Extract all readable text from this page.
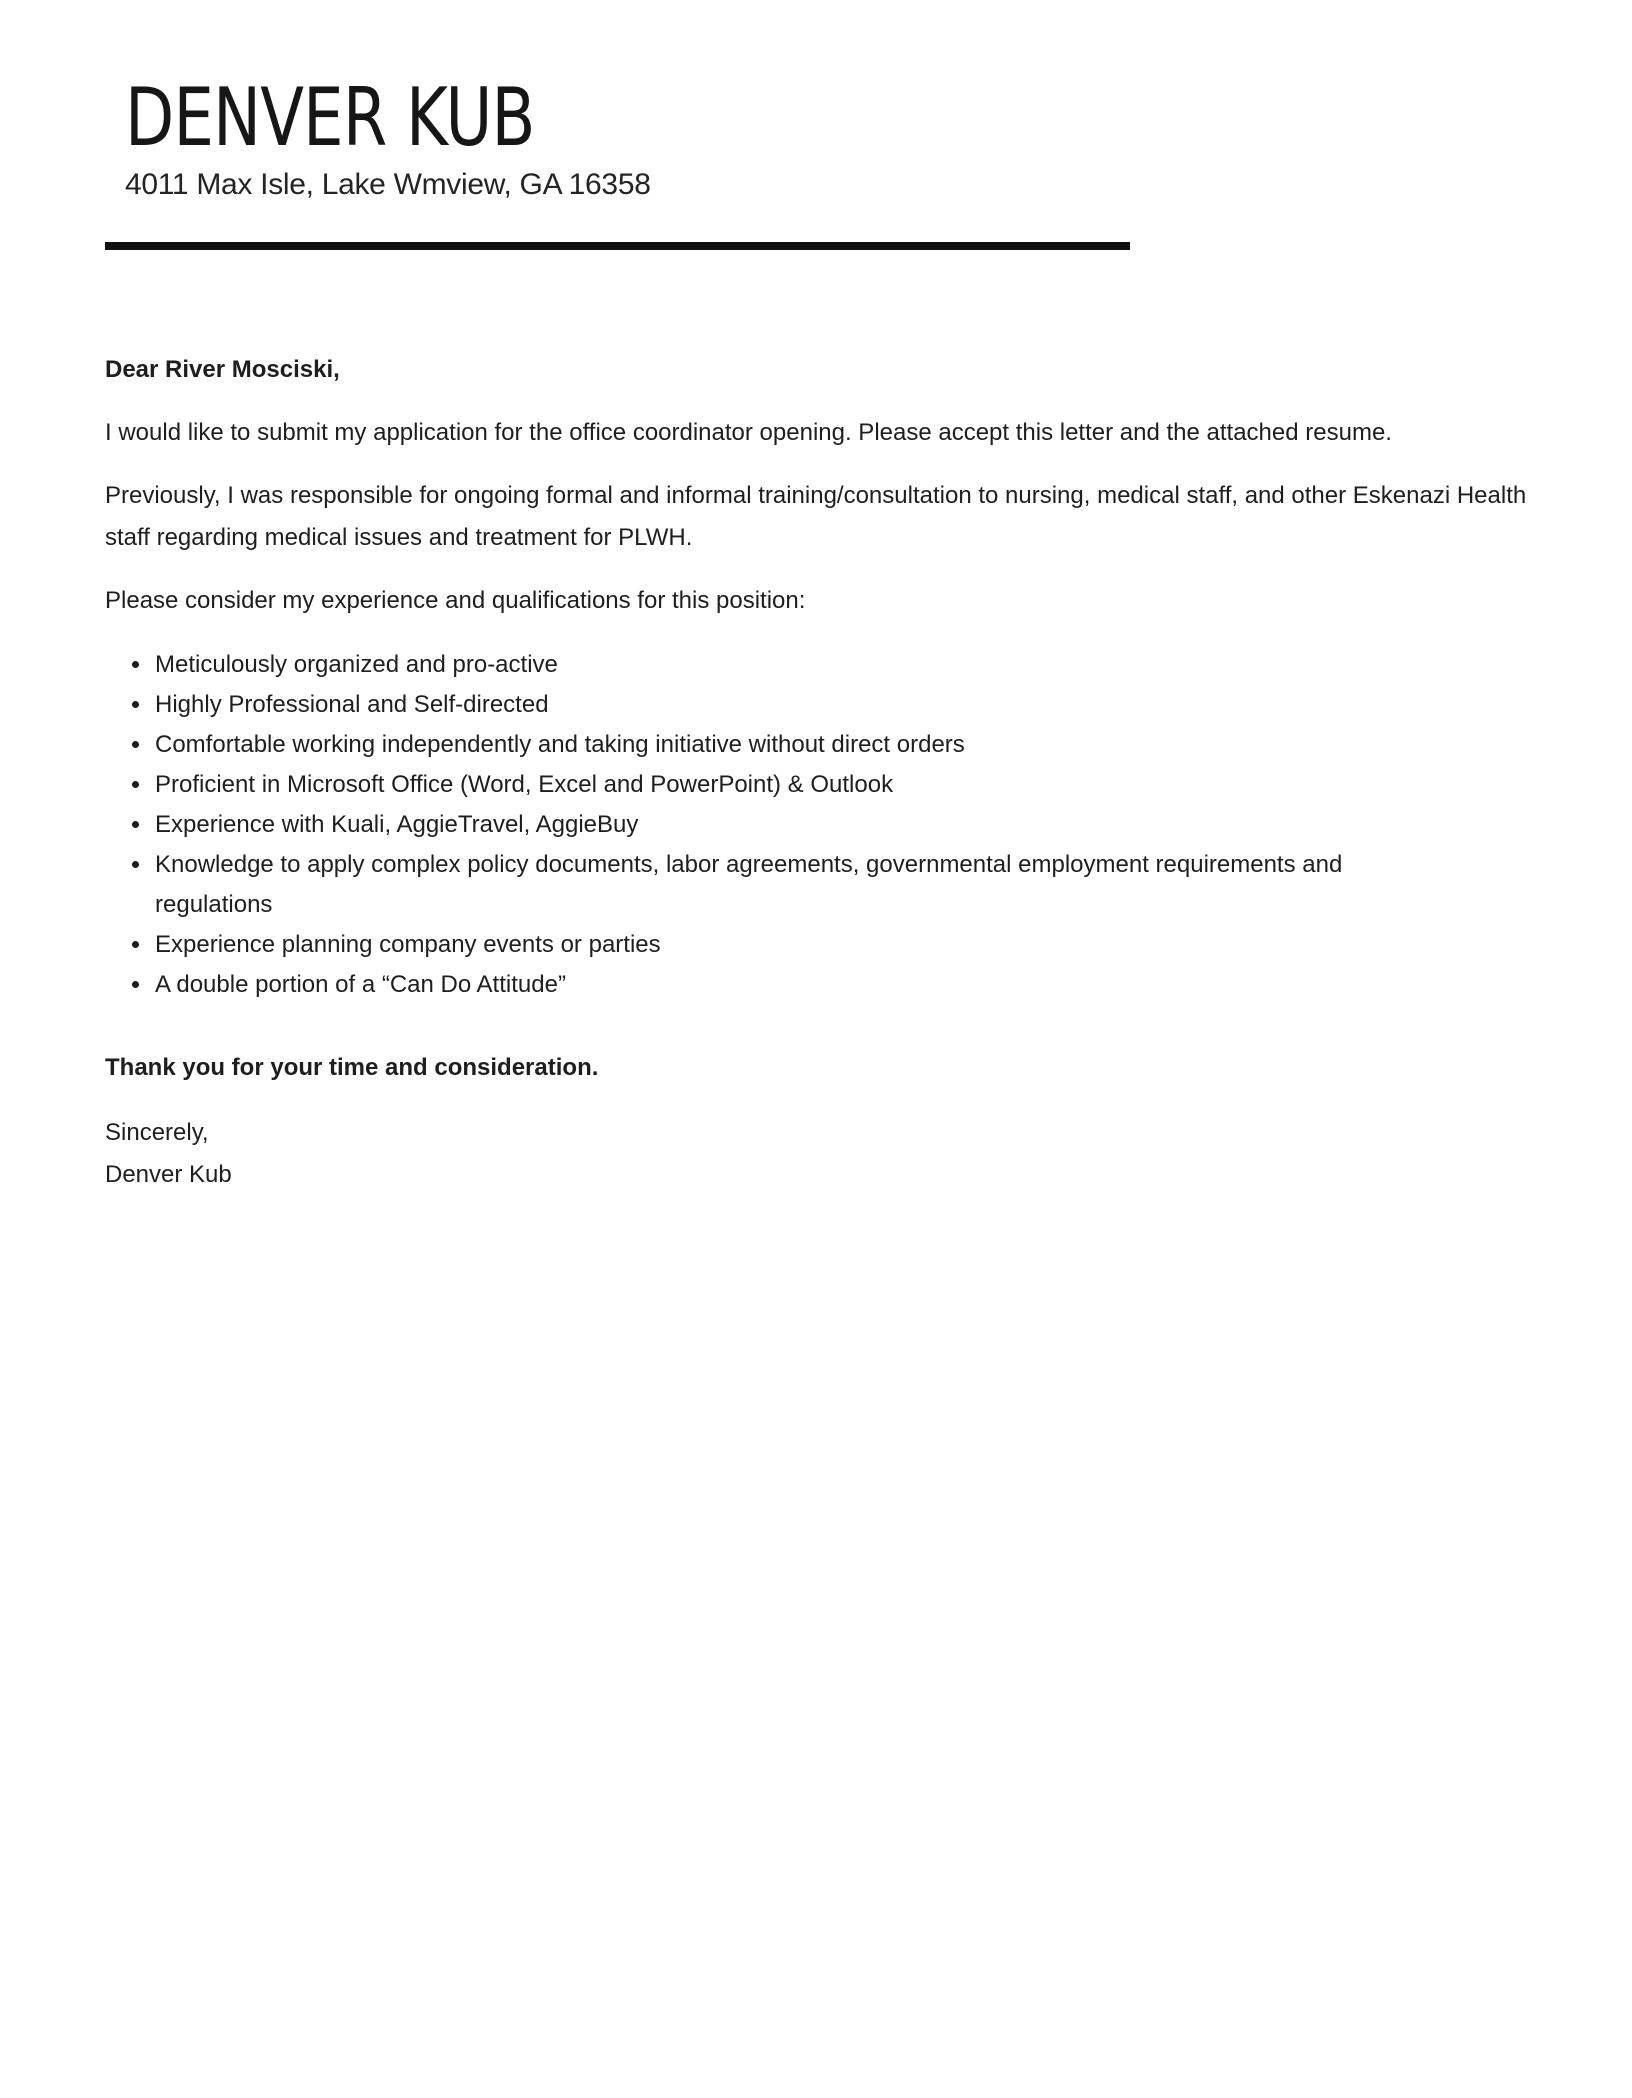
DENVER KUB
4011 Max Isle, Lake Wmview, GA 16358

Dear River Mosciski,

I would like to submit my application for the office coordinator opening. Please accept this letter and the attached resume.

Previously, I was responsible for ongoing formal and informal training/consultation to nursing, medical staff, and other Eskenazi Health staff regarding medical issues and treatment for PLWH.

Please consider my experience and qualifications for this position:

• Meticulously organized and pro-active
• Highly Professional and Self-directed
• Comfortable working independently and taking initiative without direct orders
• Proficient in Microsoft Office (Word, Excel and PowerPoint) & Outlook
• Experience with Kuali, AggieTravel, AggieBuy
• Knowledge to apply complex policy documents, labor agreements, governmental employment requirements and regulations
• Experience planning company events or parties
• A double portion of a “Can Do Attitude”

Thank you for your time and consideration.

Sincerely,
Denver Kub
